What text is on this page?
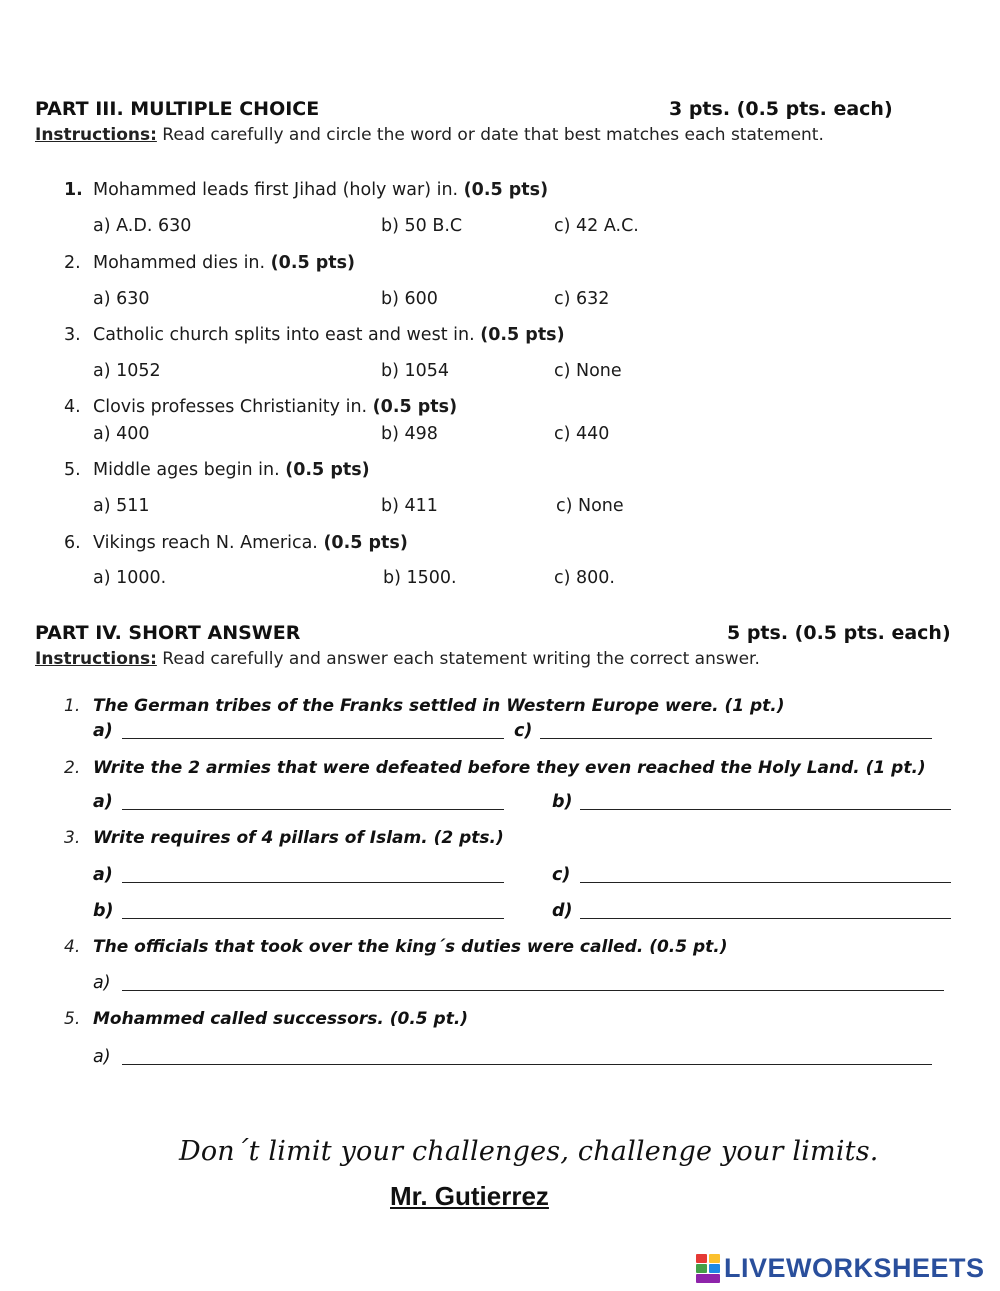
PART III. MULTIPLE CHOICE	3 pts. (0.5 pts. each)
Instructions: Read carefully and circle the word or date that best matches each statement.
1. Mohammed leads first Jihad (holy war) in. (0.5 pts)
a) A.D. 630	b) 50 B.C	c) 42 A.C.
2. Mohammed dies in. (0.5 pts)
a) 630	b) 600	c) 632
3. Catholic church splits into east and west in. (0.5 pts)
a) 1052	b) 1054	c) None
4. Clovis professes Christianity in. (0.5 pts)
a) 400	b) 498	c) 440
5. Middle ages begin in. (0.5 pts)
a) 511	b) 411	c) None
6. Vikings reach N. America. (0.5 pts)
a) 1000.	b) 1500.	c) 800.
PART IV. SHORT ANSWER	5 pts. (0.5 pts. each)
Instructions: Read carefully and answer each statement writing the correct answer.
1. The German tribes of the Franks settled in Western Europe were. (1 pt.)
a)	c)
2. Write the 2 armies that were defeated before they even reached the Holy Land. (1 pt.)
a)	b)
3. Write requires of 4 pillars of Islam. (2 pts.)
a)	c)
b)	d)
4. The officials that took over the king´s duties were called. (0.5 pt.)
a)
5. Mohammed called successors. (0.5 pt.)
a)
Don´t limit your challenges, challenge your limits.
Mr. Gutierrez
LIVEWORKSHEETS
